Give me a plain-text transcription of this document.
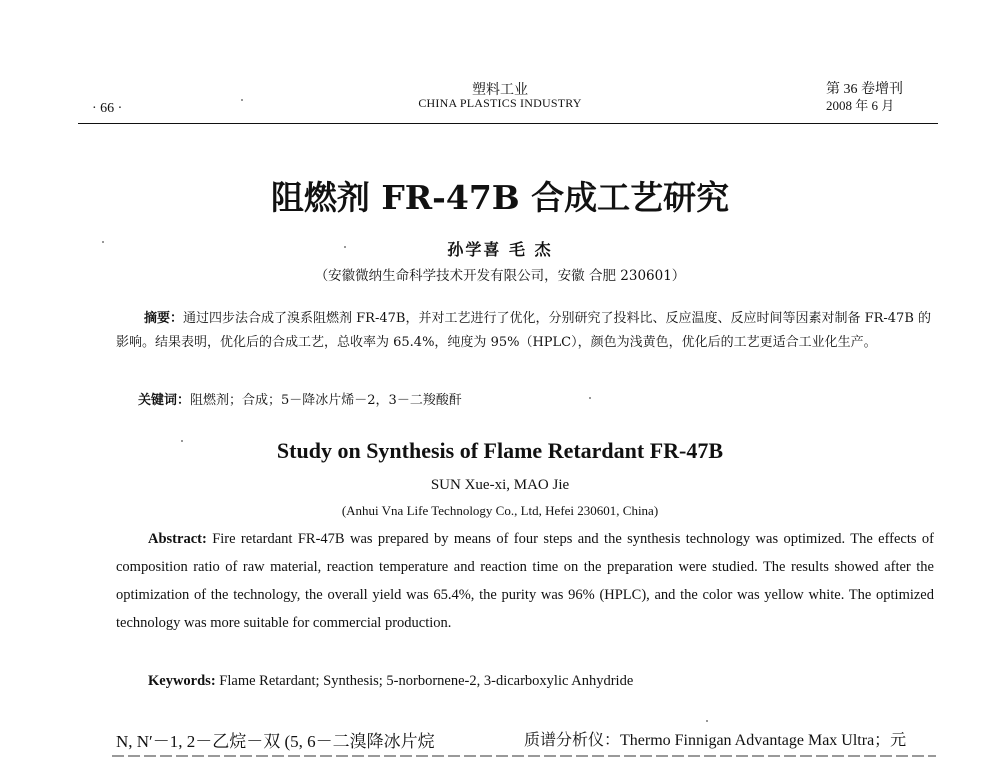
· 66 ·
塑料工业
CHINA PLASTICS INDUSTRY
第 36 卷增刊
2008 年 6 月
阻燃剂 FR-47B 合成工艺研究
孙学喜 毛 杰
（安徽微纳生命科学技术开发有限公司，安徽 合肥 230601）
摘要：通过四步法合成了溴系阻燃剂 FR-47B，并对工艺进行了优化，分别研究了投料比、反应温度、反应时间等因素对制备 FR-47B 的影响。结果表明，优化后的合成工艺，总收率为 65.4%，纯度为 95%（HPLC），颜色为浅黄色，优化后的工艺更适合工业化生产。
关键词：阻燃剂；合成；5－降冰片烯－2，3－二羧酸酐
Study on Synthesis of Flame Retardant FR-47B
SUN Xue-xi, MAO Jie
(Anhui Vna Life Technology Co., Ltd, Hefei 230601, China)
Abstract: Fire retardant FR-47B was prepared by means of four steps and the synthesis technology was optimized. The effects of composition ratio of raw material, reaction temperature and reaction time on the preparation were studied. The results showed after the optimization of the technology, the overall yield was 65.4%, the purity was 96% (HPLC), and the color was yellow white. The optimized technology was more suitable for commercial production.
Keywords: Flame Retardant; Synthesis; 5-norbornene-2, 3-dicarboxylic Anhydride
N, N′－1, 2－乙烷－双 (5, 6－二溴降冰片烷	质谱分析仪：Thermo Finnigan Advantage Max Ultra；元
